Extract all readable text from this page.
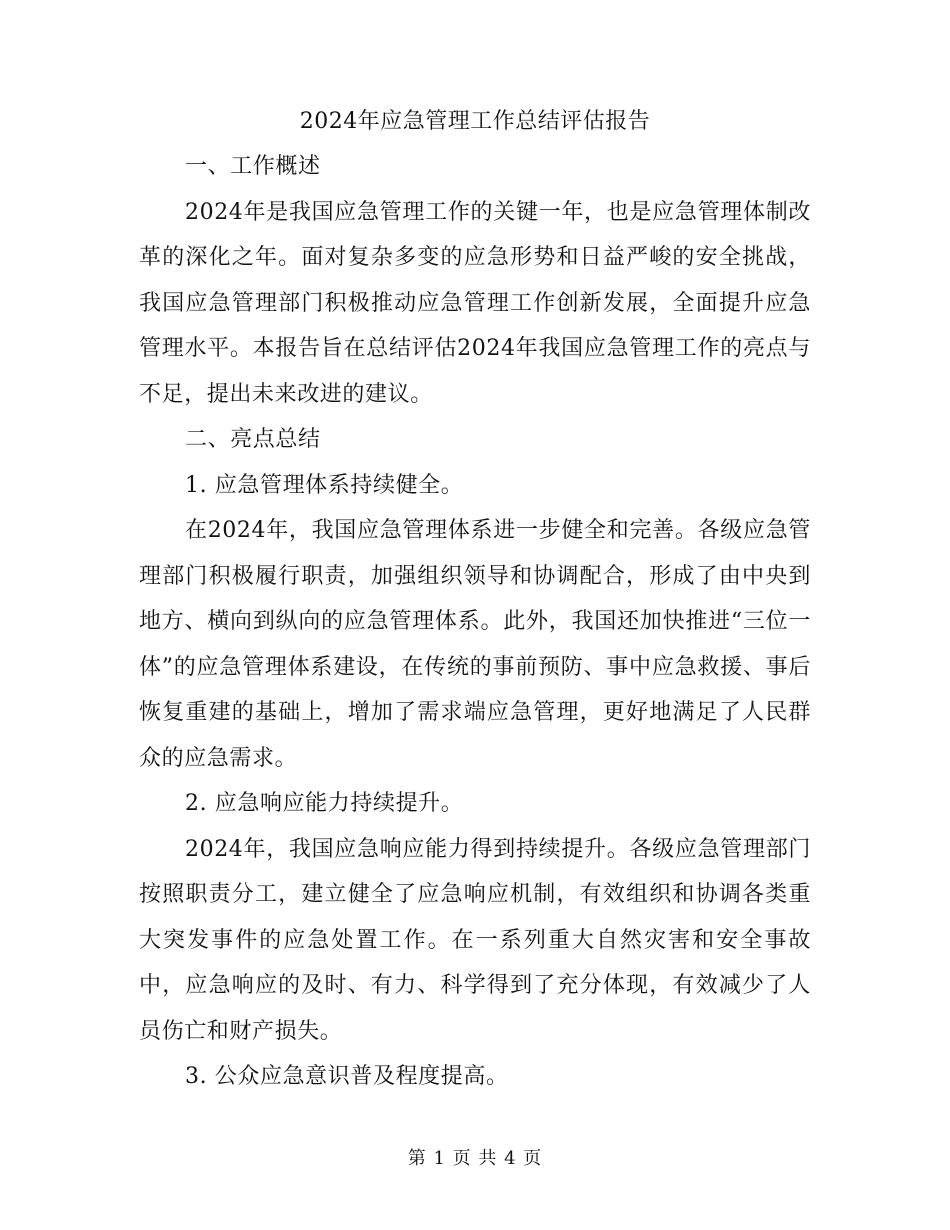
2024年应急管理工作总结评估报告

一、工作概述

2024年是我国应急管理工作的关键一年，也是应急管理体制改革的深化之年。面对复杂多变的应急形势和日益严峻的安全挑战，我国应急管理部门积极推动应急管理工作创新发展，全面提升应急管理水平。本报告旨在总结评估2024年我国应急管理工作的亮点与不足，提出未来改进的建议。

二、亮点总结

1. 应急管理体系持续健全。

在2024年，我国应急管理体系进一步健全和完善。各级应急管理部门积极履行职责，加强组织领导和协调配合，形成了由中央到地方、横向到纵向的应急管理体系。此外，我国还加快推进“三位一体”的应急管理体系建设，在传统的事前预防、事中应急救援、事后恢复重建的基础上，增加了需求端应急管理，更好地满足了人民群众的应急需求。

2. 应急响应能力持续提升。

2024年，我国应急响应能力得到持续提升。各级应急管理部门按照职责分工，建立健全了应急响应机制，有效组织和协调各类重大突发事件的应急处置工作。在一系列重大自然灾害和安全事故中，应急响应的及时、有力、科学得到了充分体现，有效减少了人员伤亡和财产损失。

3. 公众应急意识普及程度提高。

第 1 页 共 4 页
